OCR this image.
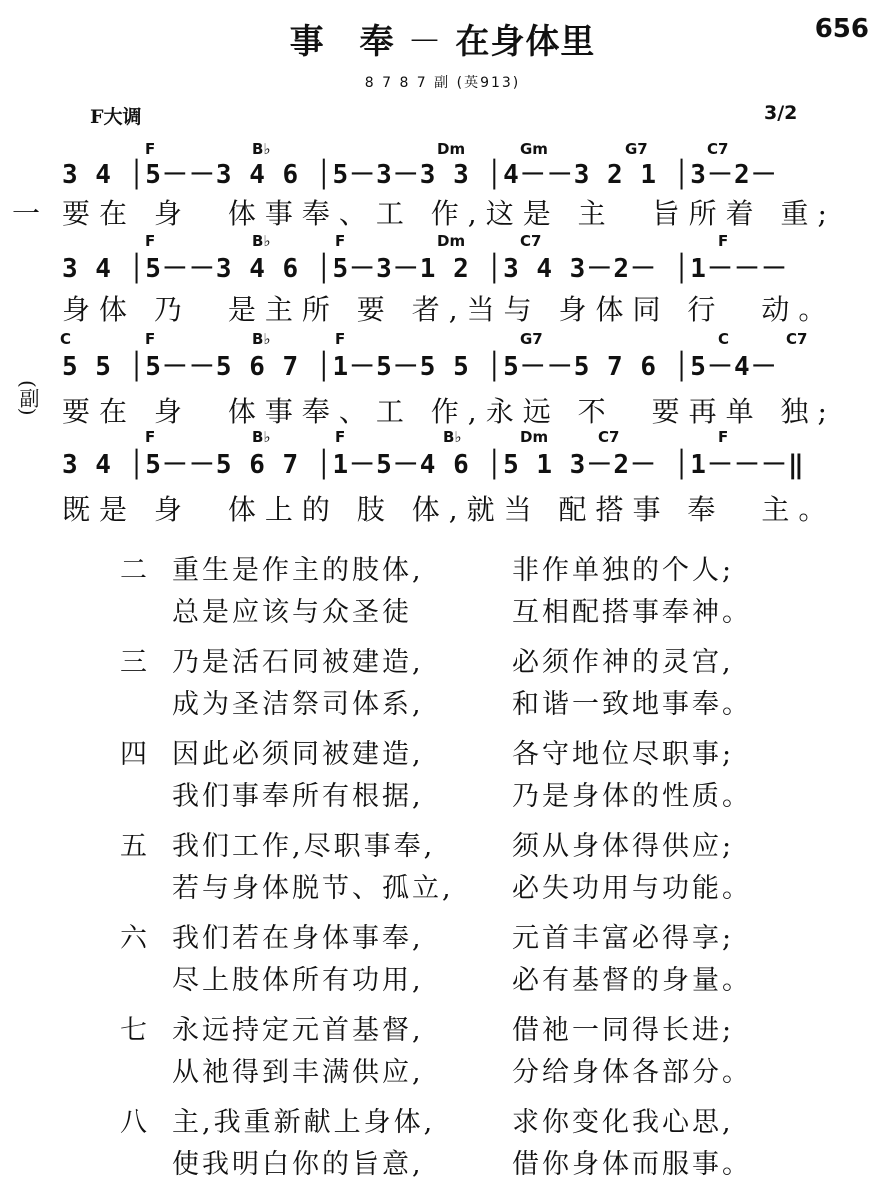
事　奉 － 在身体里	656
8 7 8 7 副 (英913)
F大调	3/2
F	B♭	Dm	Gm	G7	C7
3 4 │5－－3 4 6 │5－3－3 3 │4－－3 2 1 │3－2－
一 要在 身　体事奉、工 作,这是 主　旨所着 重;
F	B♭	F	Dm	C7	F
3 4 │5－－3 4 6 │5－3－1 2 │3 4 3－2－ │1－－－
身体 乃　是主所 要 者,当与 身体同 行　动。
C	F	B♭	F	G7	C	C7
5 5 │5－－5 6 7 │1－5－5 5 │5－－5 7 6 │5－4－
(副) 要在 身　体事奉、工 作,永远 不　要再单 独;
F	B♭	F	B♭	Dm	C7	F
3 4 │5－－5 6 7 │1－5－4 6 │5 1 3－2－ │1－－－‖
既是 身　体上的 肢 体,就当 配搭事 奉　主。
二 重生是作主的肢体,	非作单独的个人;
总是应该与众圣徒	互相配搭事奉神。
三 乃是活石同被建造,	必须作神的灵宫,
成为圣洁祭司体系,	和谐一致地事奉。
四 因此必须同被建造,	各守地位尽职事;
我们事奉所有根据,	乃是身体的性质。
五 我们工作,尽职事奉,	须从身体得供应;
若与身体脱节、孤立, 必失功用与功能。
六 我们若在身体事奉,	元首丰富必得享;
尽上肢体所有功用,	必有基督的身量。
七 永远持定元首基督,	借祂一同得长进;
从祂得到丰满供应,	分给身体各部分。
八 主,我重新献上身体,	求你变化我心思,
使我明白你的旨意,	借你身体而服事。
